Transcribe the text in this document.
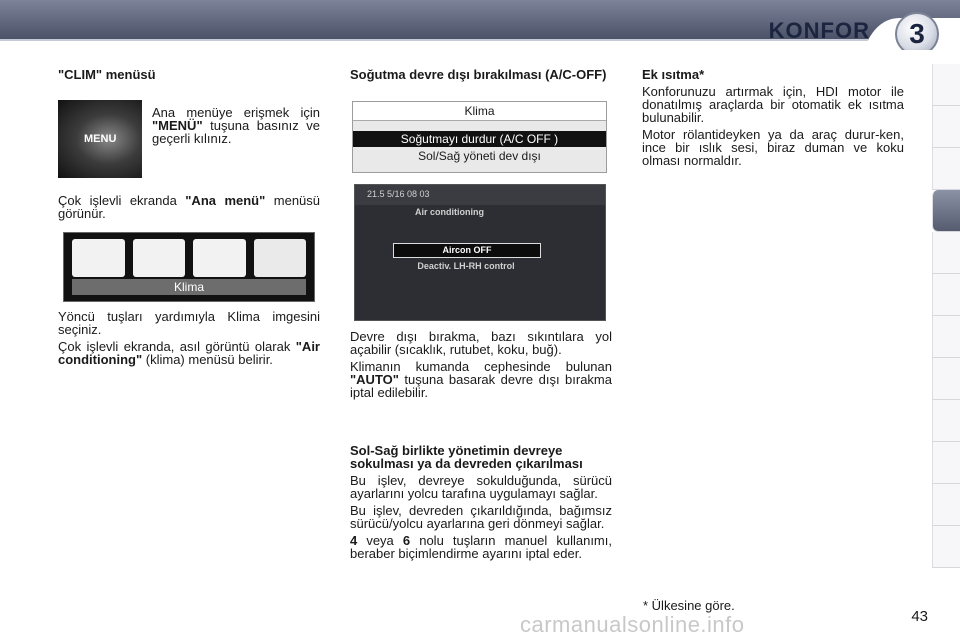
KONFOR	3
"CLIM" menüsü
MENU

Ana menüye erişmek için "MENÜ" tuşuna basınız ve geçerli kılınız.

Çok işlevli ekranda "Ana menü" menüsü görünür.

Klima

Yöncü tuşları yardımıyla Klima imgesini seçiniz.

Çok işlevli ekranda, asıl görüntü olarak "Air conditioning" (klima) menüsü belirir.

Soğutma devre dışı bırakılması (A/C-OFF)
Klima
Soğutmayı durdur (A/C OFF )
Sol/Sağ yöneti dev dışı
21.5 5/16 08 03
Air conditioning
Aircon OFF
Deactiv. LH-RH control

Devre dışı bırakma, bazı sıkıntılara yol açabilir (sıcaklık, rutubet, koku, buğ).

Klimanın kumanda cephesinde bulunan "AUTO" tuşuna basarak devre dışı bırakma iptal edilebilir.

Sol-Sağ birlikte yönetimin devreye sokulması ya da devreden çıkarılması

Bu işlev, devreye sokulduğunda, sürücü ayarlarını yolcu tarafına uygulamayı sağlar.

Bu işlev, devreden çıkarıldığında, bağımsız sürücü/yolcu ayarlarına geri dönmeyi sağlar.

4 veya 6 nolu tuşların manuel kullanımı, beraber biçimlendirme ayarını iptal eder.

Ek ısıtma*

Konforunuzu artırmak için, HDI motor ile donatılmış araçlarda bir otomatik ek ısıtma bulunabilir.

Motor rölantideyken ya da araç durur-ken, ince bir ıslık sesi, biraz duman ve koku olması normaldır.

* Ülkesine göre.
carmanualsonline.info	43
